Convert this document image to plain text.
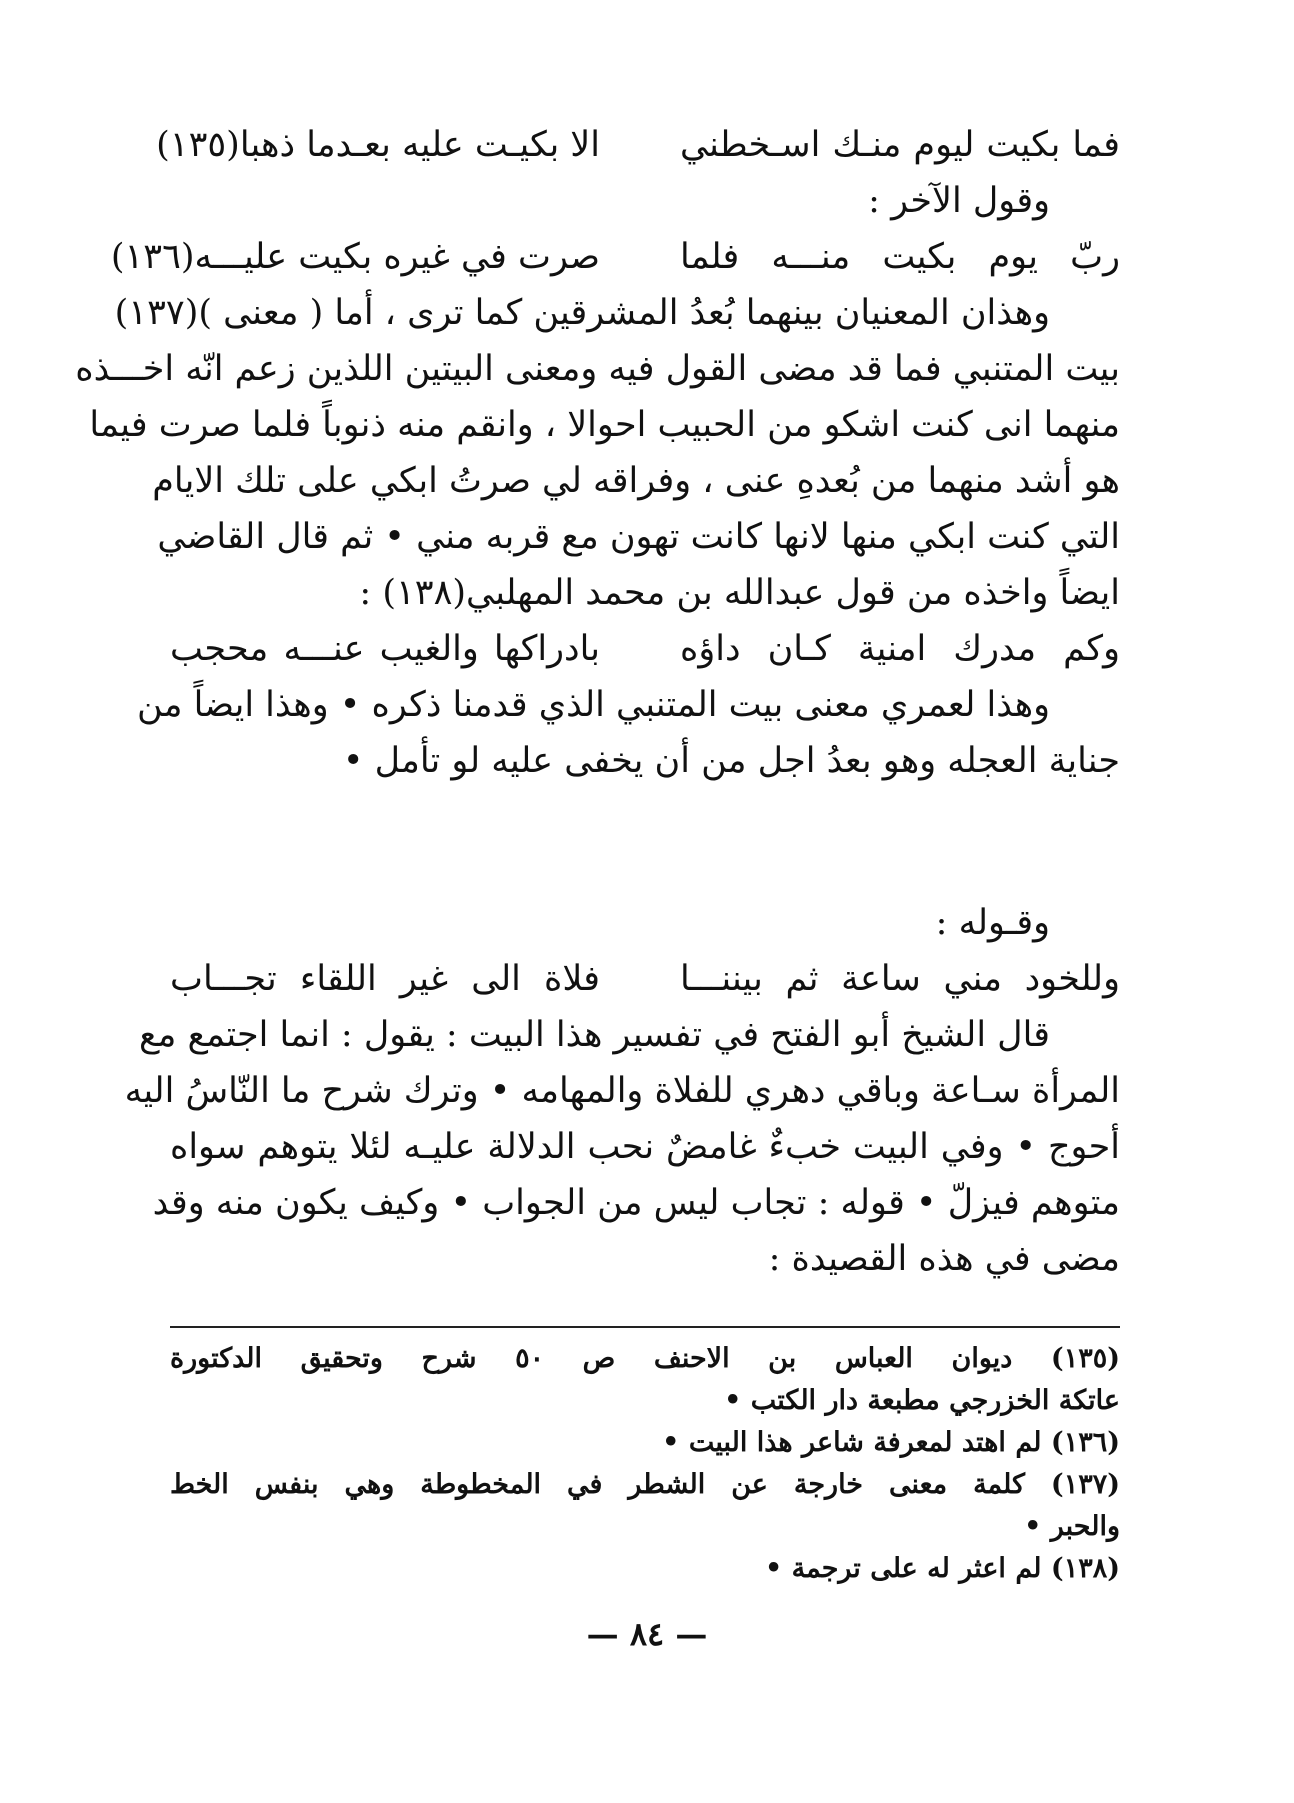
فما بكيت ليوم منـك اسـخطني
الا بكيـت عليه بعـدما ذهبا(١٣٥)
وقول الآخر :
ربّ يوم بكيت منـــه فلما
صرت في غيره بكيت عليـــه(١٣٦)
وهذان المعنيان بينهما بُعدُ المشرقين كما ترى ، أما ( معنى )(١٣٧)
بيت المتنبي فما قد مضى القول فيه ومعنى البيتين اللذين زعم انّه اخـــذه
منهما انى كنت اشكو من الحبيب احوالا ، وانقم منه ذنوباً فلما صرت فيما
هو أشد منهما من بُعدهِ عنى ، وفراقه لي صرتُ ابكي على تلك الايام
التي كنت ابكي منها لانها كانت تهون مع قربه مني • ثم قال القاضي
ايضاً واخذه من قول عبدالله بن محمد المهلبي(١٣٨) :
وكم مدرك امنية كـان داؤه
بادراكها والغيب عنـــه محجب
وهذا لعمري معنى بيت المتنبي الذي قدمنا ذكره • وهذا ايضاً من
جناية العجله وهو بعدُ اجل من أن يخفى عليه لو تأمل •
وقـوله :
وللخود مني ساعة ثم بيننـــا
فلاة الى غير اللقاء تجـــاب
قال الشيخ أبو الفتح في تفسير هذا البيت : يقول : انما اجتمع مع
المرأة سـاعة وباقي دهري للفلاة والمهامه • وترك شرح ما النّاسُ اليه
أحوج • وفي البيت خبءٌ غامضٌ نحب الدلالة عليـه لئلا يتوهم سواه
متوهم فيزلّ • قوله : تجاب ليس من الجواب • وكيف يكون منه وقد
مضى في هذه القصيدة :
(١٣٥) ديوان العباس بن الاحنف ص ٥٠ شرح وتحقيق الدكتورة
عاتكة الخزرجي مطبعة دار الكتب •
(١٣٦) لم اهتد لمعرفة شاعر هذا البيت •
(١٣٧) كلمة معنى خارجة عن الشطر في المخطوطة وهي بنفس الخط
والحبر •
(١٣٨) لم اعثر له على ترجمة •
— ٨٤ —
